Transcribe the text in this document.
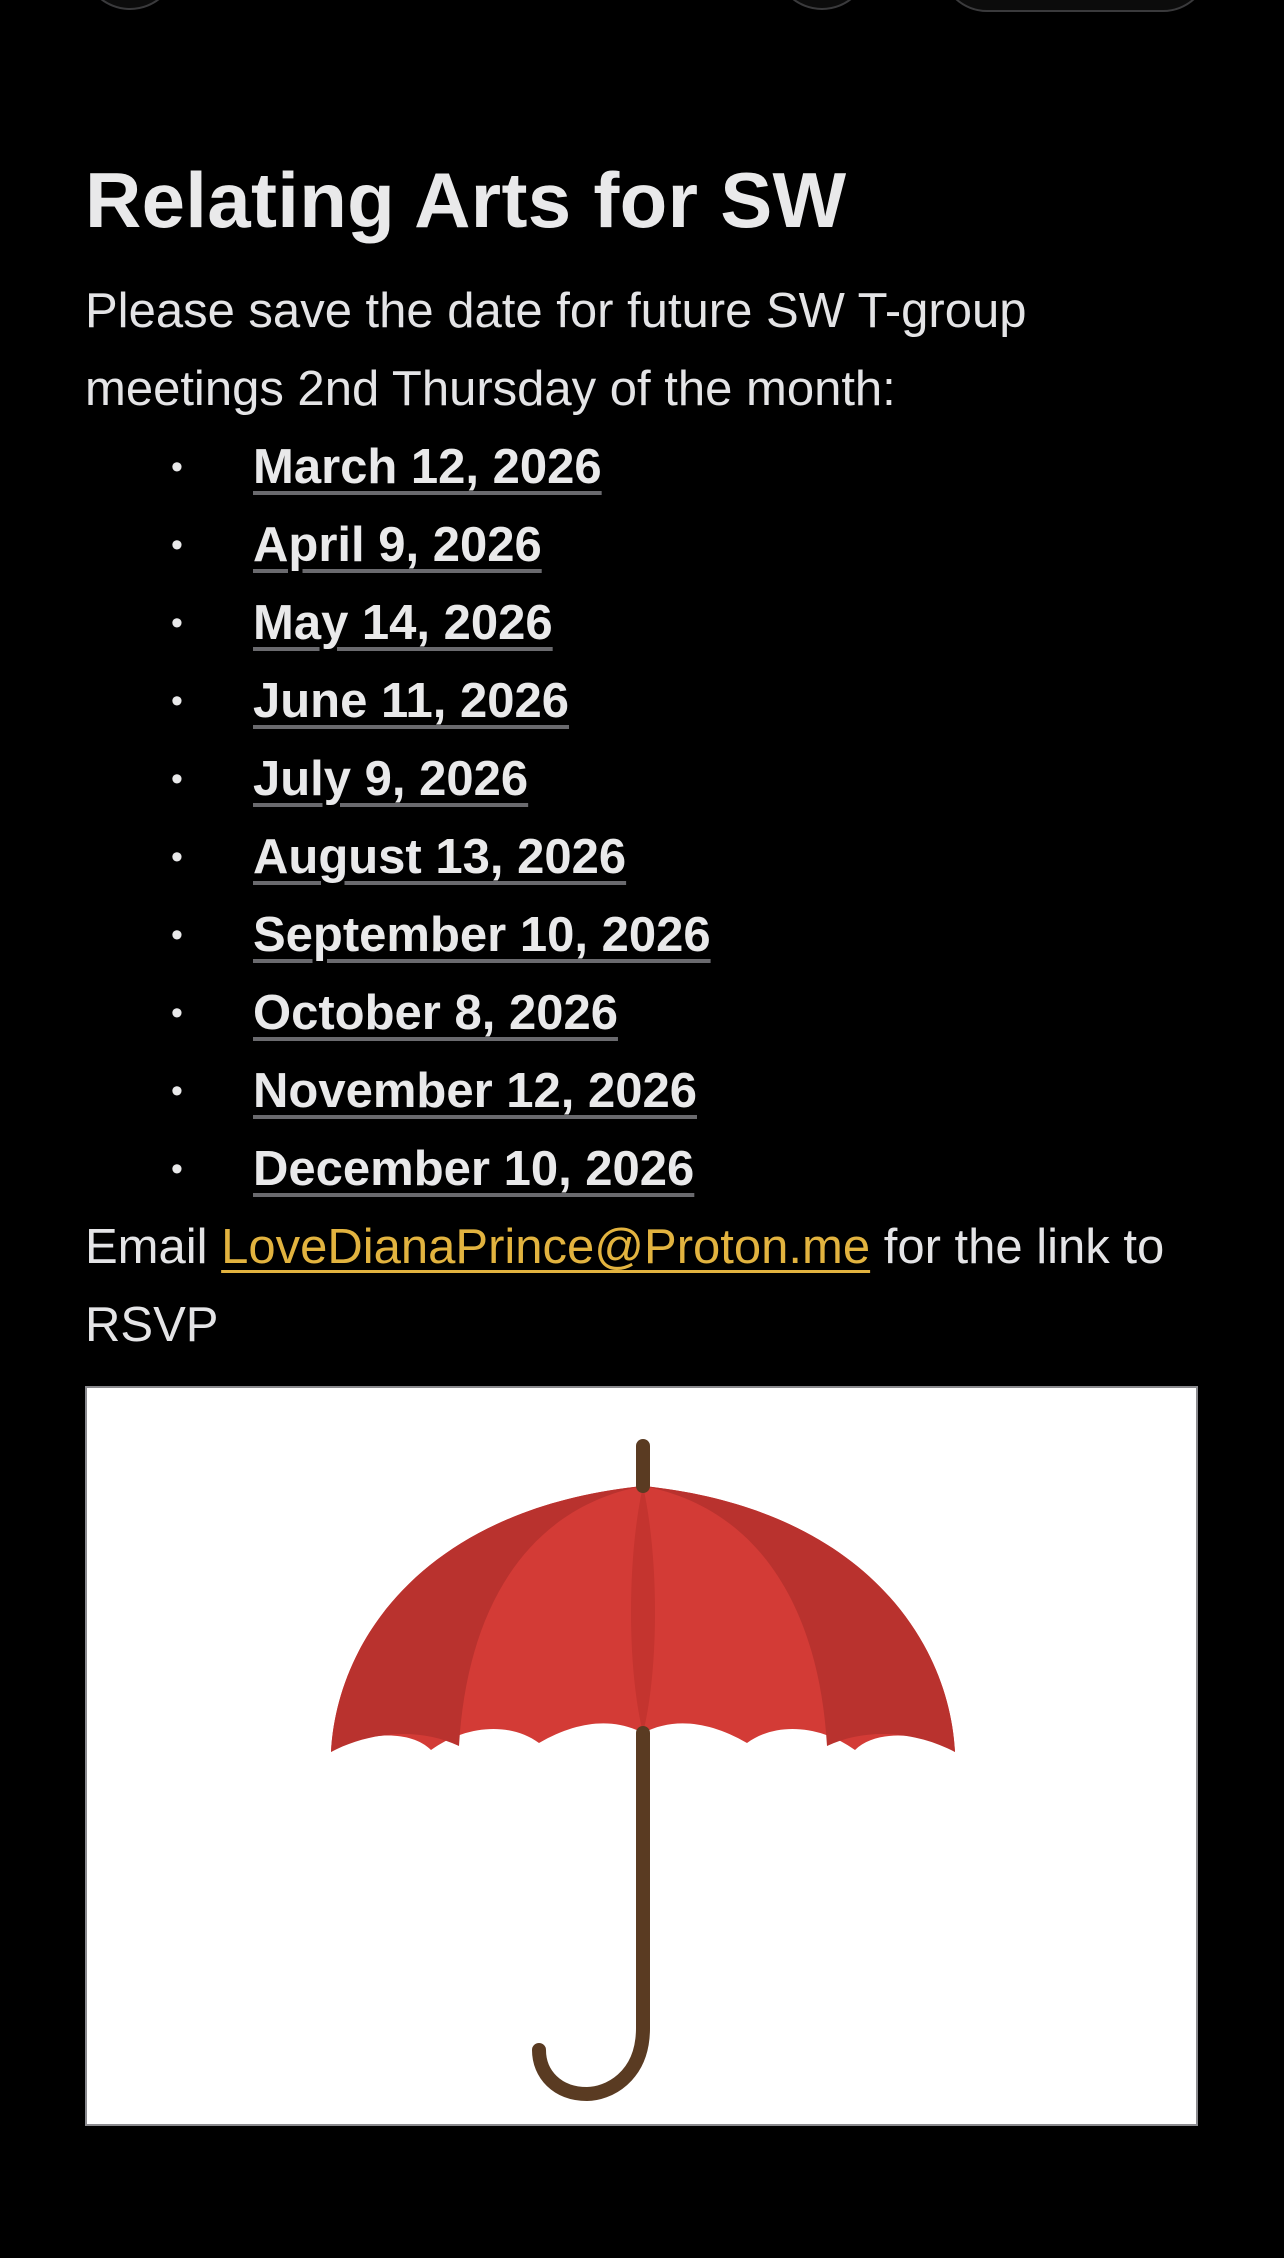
Relating Arts for SW

Please save the date for future SW T-group meetings 2nd Thursday of the month:

• March 12, 2026
• April 9, 2026
• May 14, 2026
• June 11, 2026
• July 9, 2026
• August 13, 2026
• September 10, 2026
• October 8, 2026
• November 12, 2026
• December 10, 2026

Email LoveDianaPrince@Proton.me for the link to RSVP
